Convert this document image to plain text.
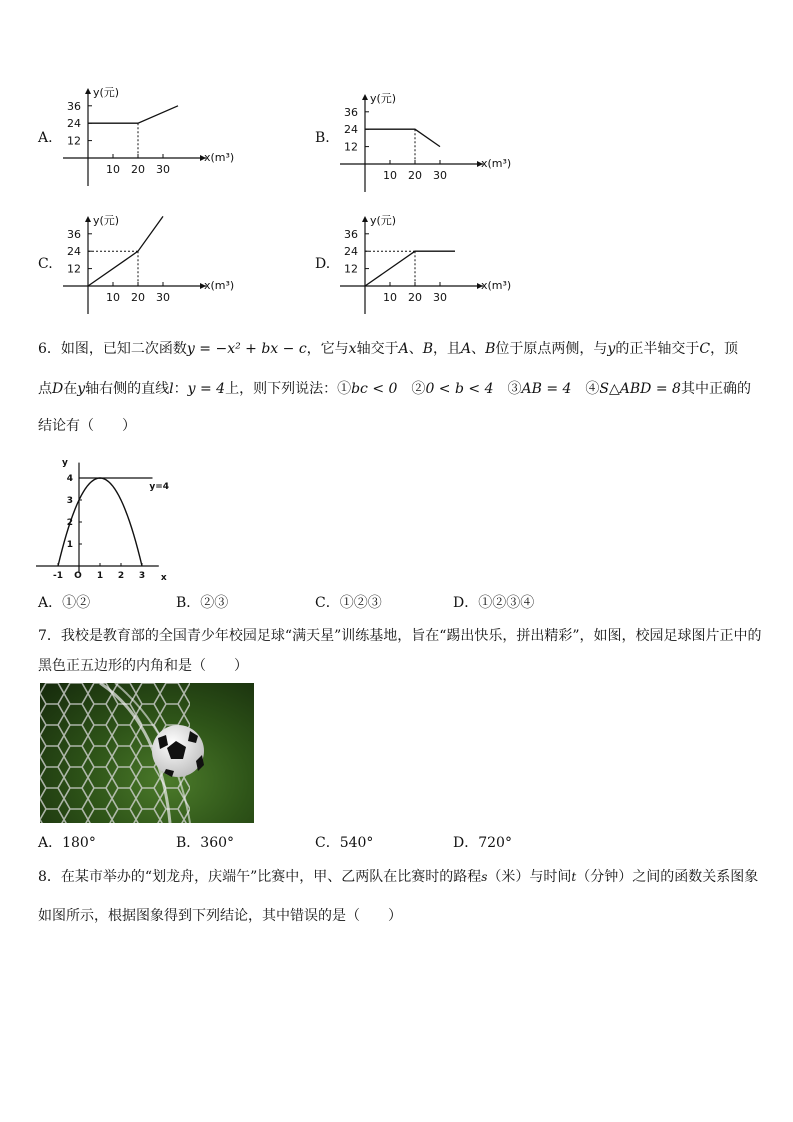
A.
36
24
12
10 20 30
y(元)
x(m³)
B.
36
24
12
10 20 30
y(元)
x(m³)
C.
36
24
12
10 20 30
y(元)
x(m³)
D.
36
24
12
10 20 30
y(元)
x(m³)
6．如图，已知二次函数y = −x² + bx − c，它与x轴交于A、B，且A、B位于原点两侧，与y的正半轴交于C，顶
点D在y轴右侧的直线l：y = 4上，则下列说法：①bc < 0　②0 < b < 4　③AB = 4　④S△ABD = 8其中正确的
结论有（　　）
-1 O 1 2 3
1
2
3
4
x
y
y=4
A．①②	B．②③	C．①②③	D．①②③④
7．我校是教育部的全国青少年校园足球“满天星”训练基地，旨在“踢出快乐，拼出精彩”，如图，校园足球图片正中的
黑色正五边形的内角和是（　　）
A．180°	B．360°	C．540°	D．720°
8．在某市举办的“划龙舟，庆端午”比赛中，甲、乙两队在比赛时的路程s（米）与时间t（分钟）之间的函数关系图象
如图所示，根据图象得到下列结论，其中错误的是（　　）
